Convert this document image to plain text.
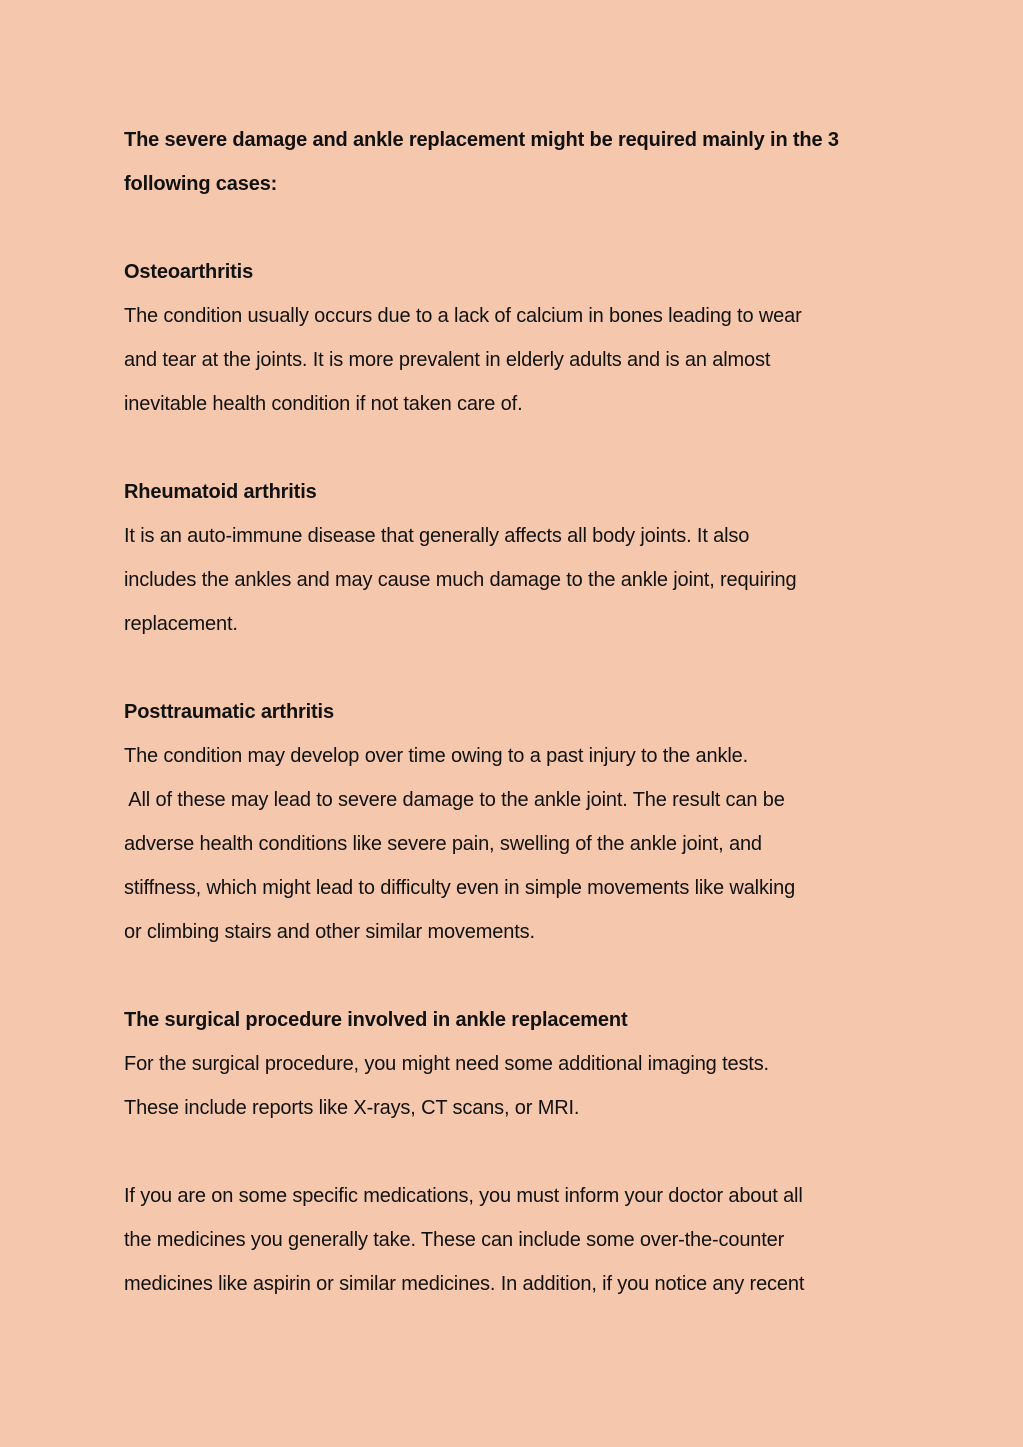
The severe damage and ankle replacement might be required mainly in the 3
following cases:
Osteoarthritis
The condition usually occurs due to a lack of calcium in bones leading to wear
and tear at the joints. It is more prevalent in elderly adults and is an almost
inevitable health condition if not taken care of.
Rheumatoid arthritis
It is an auto-immune disease that generally affects all body joints. It also
includes the ankles and may cause much damage to the ankle joint, requiring
replacement.
Posttraumatic arthritis
The condition may develop over time owing to a past injury to the ankle.
All of these may lead to severe damage to the ankle joint. The result can be
adverse health conditions like severe pain, swelling of the ankle joint, and
stiffness, which might lead to difficulty even in simple movements like walking
or climbing stairs and other similar movements.
The surgical procedure involved in ankle replacement
For the surgical procedure, you might need some additional imaging tests.
These include reports like X-rays, CT scans, or MRI.
If you are on some specific medications, you must inform your doctor about all
the medicines you generally take. These can include some over-the-counter
medicines like aspirin or similar medicines. In addition, if you notice any recent
